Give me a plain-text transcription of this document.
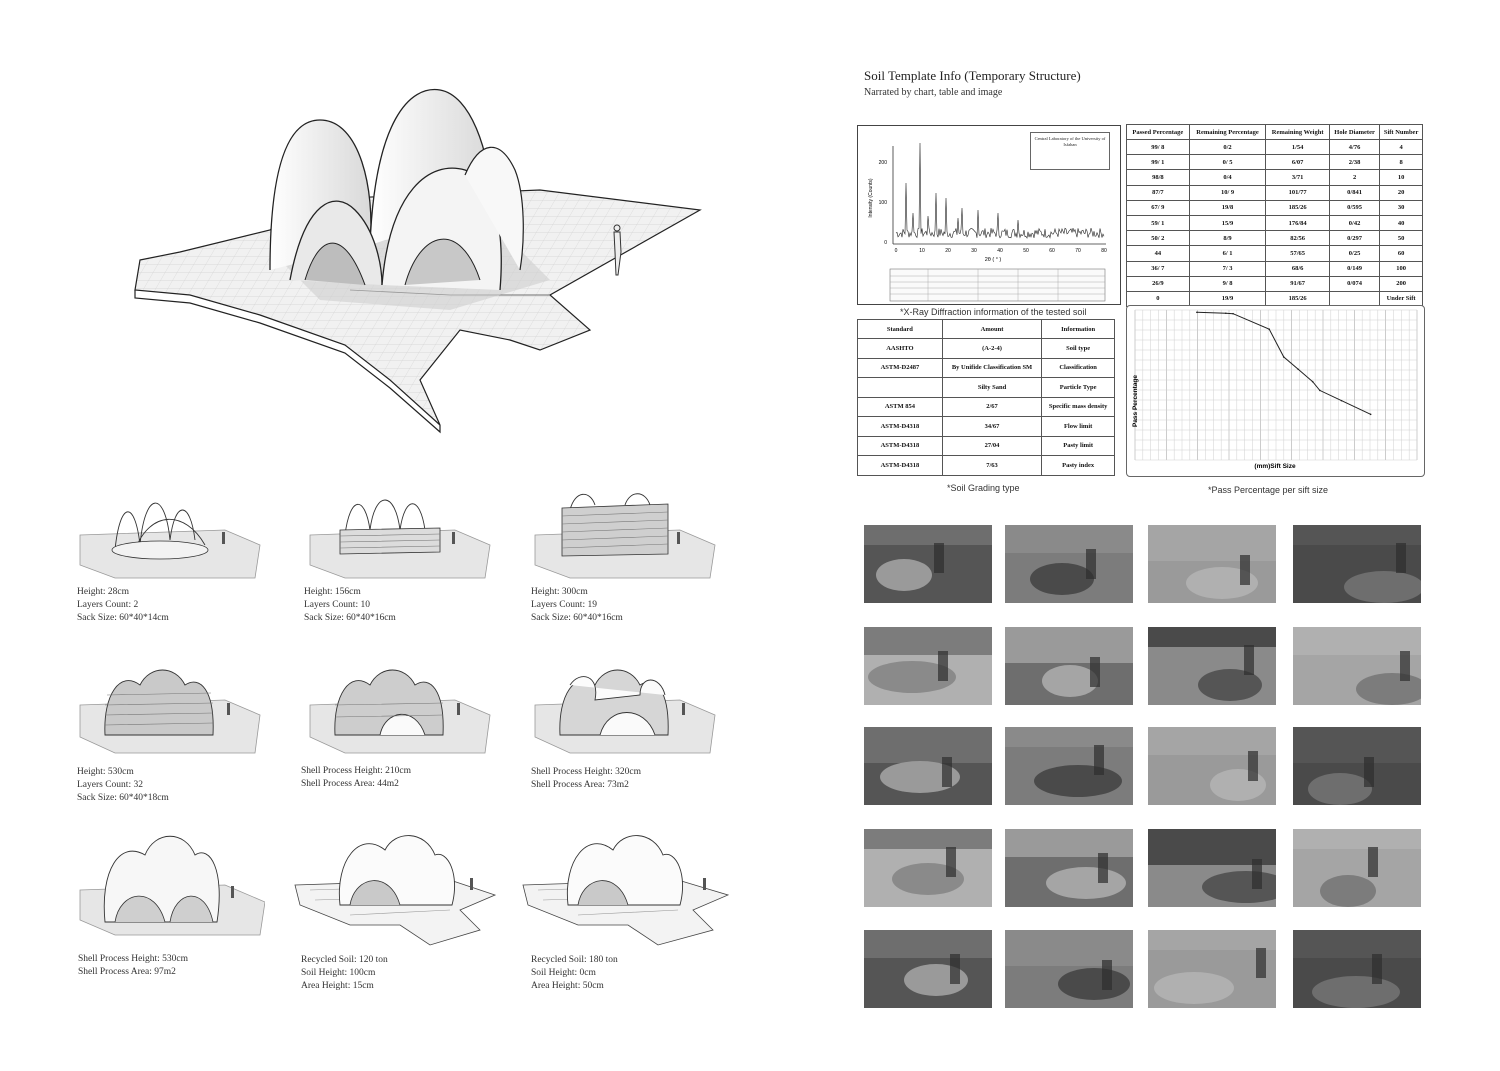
Height: 28cm
Layers Count: 2
Sack Size: 60*40*14cm
Height: 156cm
Layers Count: 10
Sack Size: 60*40*16cm
Height: 300cm
Layers Count: 19
Sack Size: 60*40*16cm
Height: 530cm
Layers Count: 32
Sack Size: 60*40*18cm
Shell Process Height: 210cm
Shell Process Area: 44m2
Shell Process Height: 320cm
Shell Process Area: 73m2
Shell Process Height: 530cm
Shell Process Area: 97m2
Recycled Soil: 120 ton
Soil Height: 100cm
Area Height: 15cm
Recycled Soil: 180 ton
Soil Height: 0cm
Area Height: 50cm
Soil Template Info (Temporary Structure)
Narrated by chart, table and image
Central Laboratory of the University of Isfahan
200
100
0
0	10	20	30	40	50	60	70	80
2θ ( ° )
Intensity (Counts)
*X-Ray Diffraction information of the tested soil
Passed Percentage	Remaining Percentage	Remaining Weight	Hole Diameter	Sift Number
99/ 8	0/2	1/54	4/76	4
99/ 1	0/ 5	6/07	2/38	8
98/8	0/4	3/71	2	10
87/7	10/ 9	101/77	0/841	20
67/ 9	19/8	185/26	0/595	30
59/ 1	15/9	176/84	0/42	40
50/ 2	8/9	82/56	0/297	50
44	6/ 1	57/65	0/25	60
36/ 7	7/ 3	68/6	0/149	100
26/9	9/ 8	91/67	0/074	200
0	19/9	185/26		Under Sift
Standard	Amount	Information
AASHTO	(A-2-4)	Soil type
ASTM-D2487	By Unifide Classification SM	Classification
	Silty Sand	Particle Type
ASTM 854	2/67	Specific mass density
ASTM-D4318	34/67	Flow limit
ASTM-D4318	27/04	Pasty limit
ASTM-D4318	7/63	Pasty index
*Soil Grading type
Pass Percentage
(mm)Sift Size
*Pass Percentage per sift size
